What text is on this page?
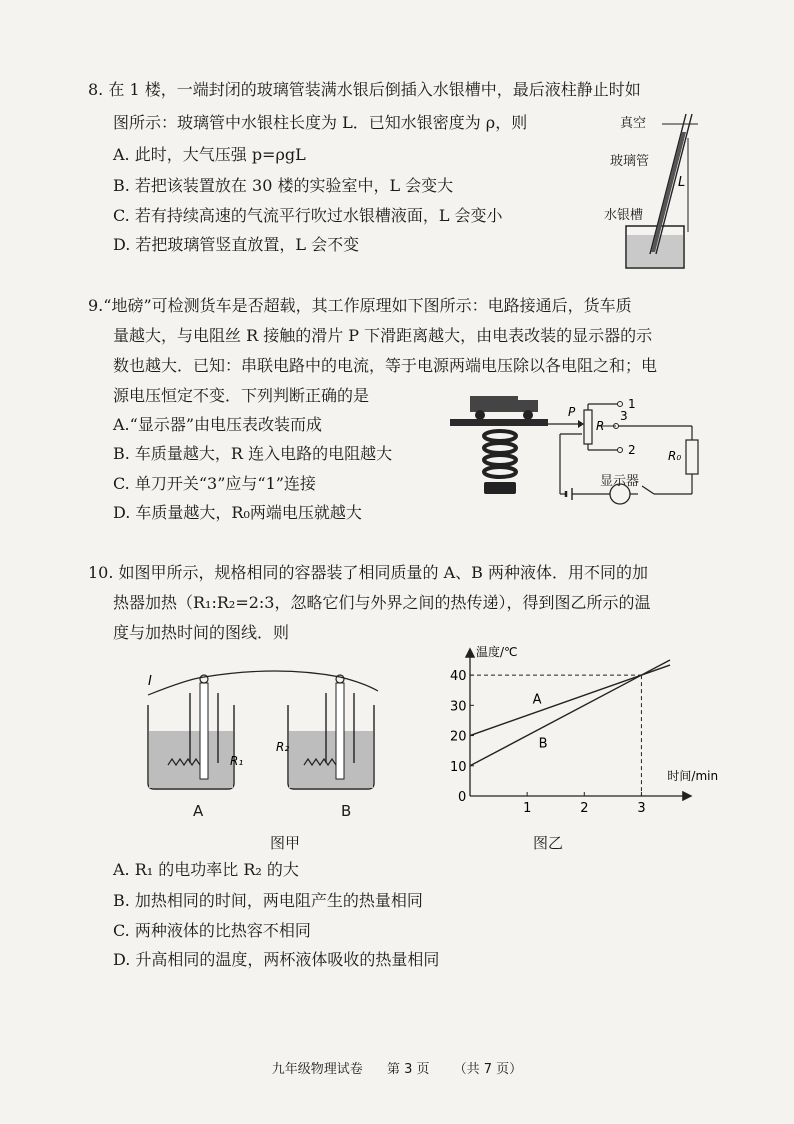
8. 在 1 楼，一端封闭的玻璃管装满水银后倒插入水银槽中，最后液柱静止时如
图所示：玻璃管中水银柱长度为 L．已知水银密度为 ρ，则
A. 此时，大气压强 p=ρgL
B. 若把该装置放在 30 楼的实验室中，L 会变大
C. 若有持续高速的气流平行吹过水银槽液面，L 会变小
D. 若把玻璃管竖直放置，L 会不变
L
真空
玻璃管
水银槽
9.“地磅”可检测货车是否超载，其工作原理如下图所示：电路接通后，货车质
量越大，与电阻丝 R 接触的滑片 P 下滑距离越大，由电表改装的显示器的示
数也越大．已知：串联电路中的电流，等于电源两端电压除以各电阻之和；电
源电压恒定不变．下列判断正确的是
A.“显示器”由电压表改装而成
B. 车质量越大，R 连入电路的电阻越大
C. 单刀开关“3”应与“1”连接
D. 车质量越大，R₀两端电压就越大
P
R
1
2
3
R₀
显示器
10. 如图甲所示，规格相同的容器装了相同质量的 A、B 两种液体．用不同的加
热器加热（R₁:R₂=2:3，忽略它们与外界之间的热传递），得到图乙所示的温
度与加热时间的图线．则
I
R₁
R₂
A	B
图甲
10
20
30
40
1	2	3
A
B
温度/℃
时间/min
0
图乙
A. R₁ 的电功率比 R₂ 的大
B. 加热相同的时间，两电阻产生的热量相同
C. 两种液体的比热容不相同
D. 升高相同的温度，两杯液体吸收的热量相同
九年级物理试卷 第 3 页 （共 7 页）
